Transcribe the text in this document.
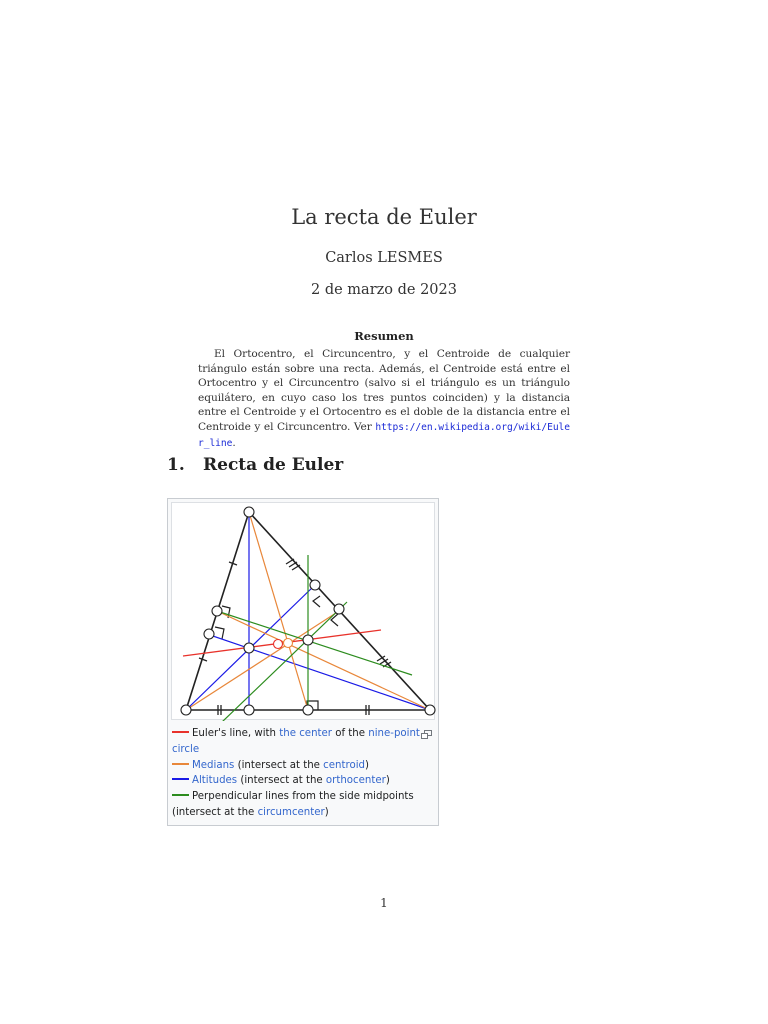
La recta de Euler
Carlos LESMES
2 de marzo de 2023
Resumen
El Ortocentro, el Circuncentro, y el Centroide de cualquier triángulo están sobre una recta. Además, el Centroide está entre el Ortocentro y el Circuncentro (salvo si el triángulo es un triángulo equilátero, en cuyo caso los tres puntos coinciden) y la distancia entre el Centroide y el Ortocentro es el doble de la distancia entre el Centroide y el Circuncentro. Ver https://en.wikipedia.org/wiki/Euler_line.
1. Recta de Euler
Euler's line, with the center of the nine-point circle
Medians (intersect at the centroid)
Altitudes (intersect at the orthocenter)
Perpendicular lines from the side midpoints
(intersect at the circumcenter)
1
